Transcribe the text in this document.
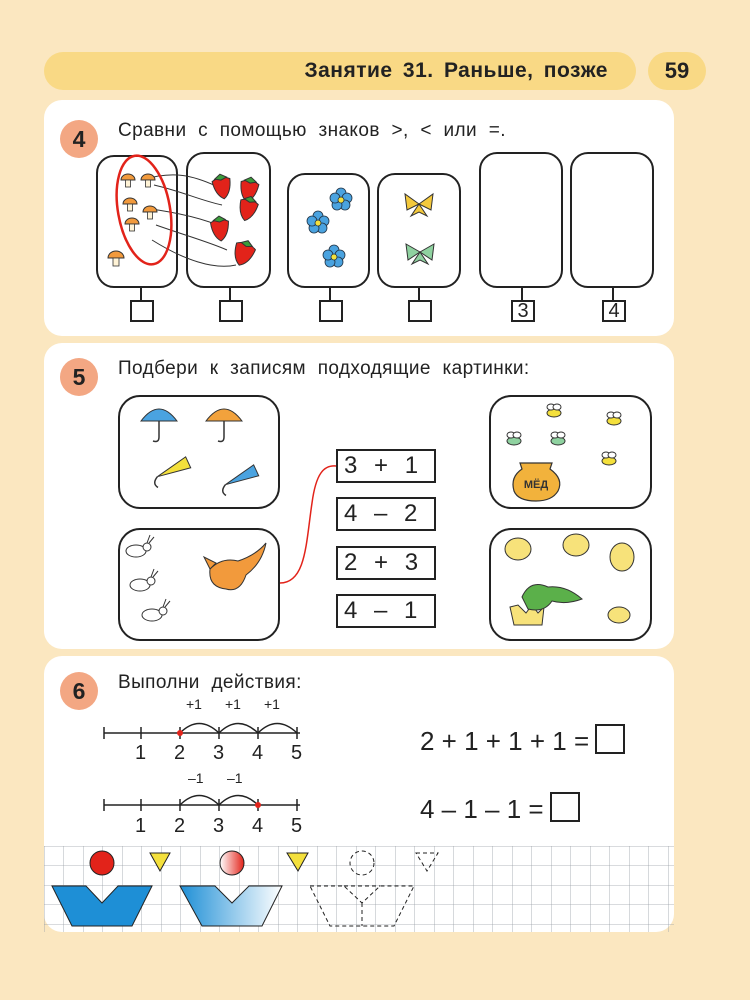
Занятие 31. Раньше, позже	59
4	Сравни с помощью знаков >, < или =.
3	4
5	Подбери к записям подходящие картинки:
3 + 1
4 – 2
2 + 3
4 – 1
МЁД
6	Выполни действия:
+1 +1 +1
1 2 3 4 5
–1 –1
1 2 3 4 5
2 + 1 + 1 + 1 =
4 – 1 – 1 =
